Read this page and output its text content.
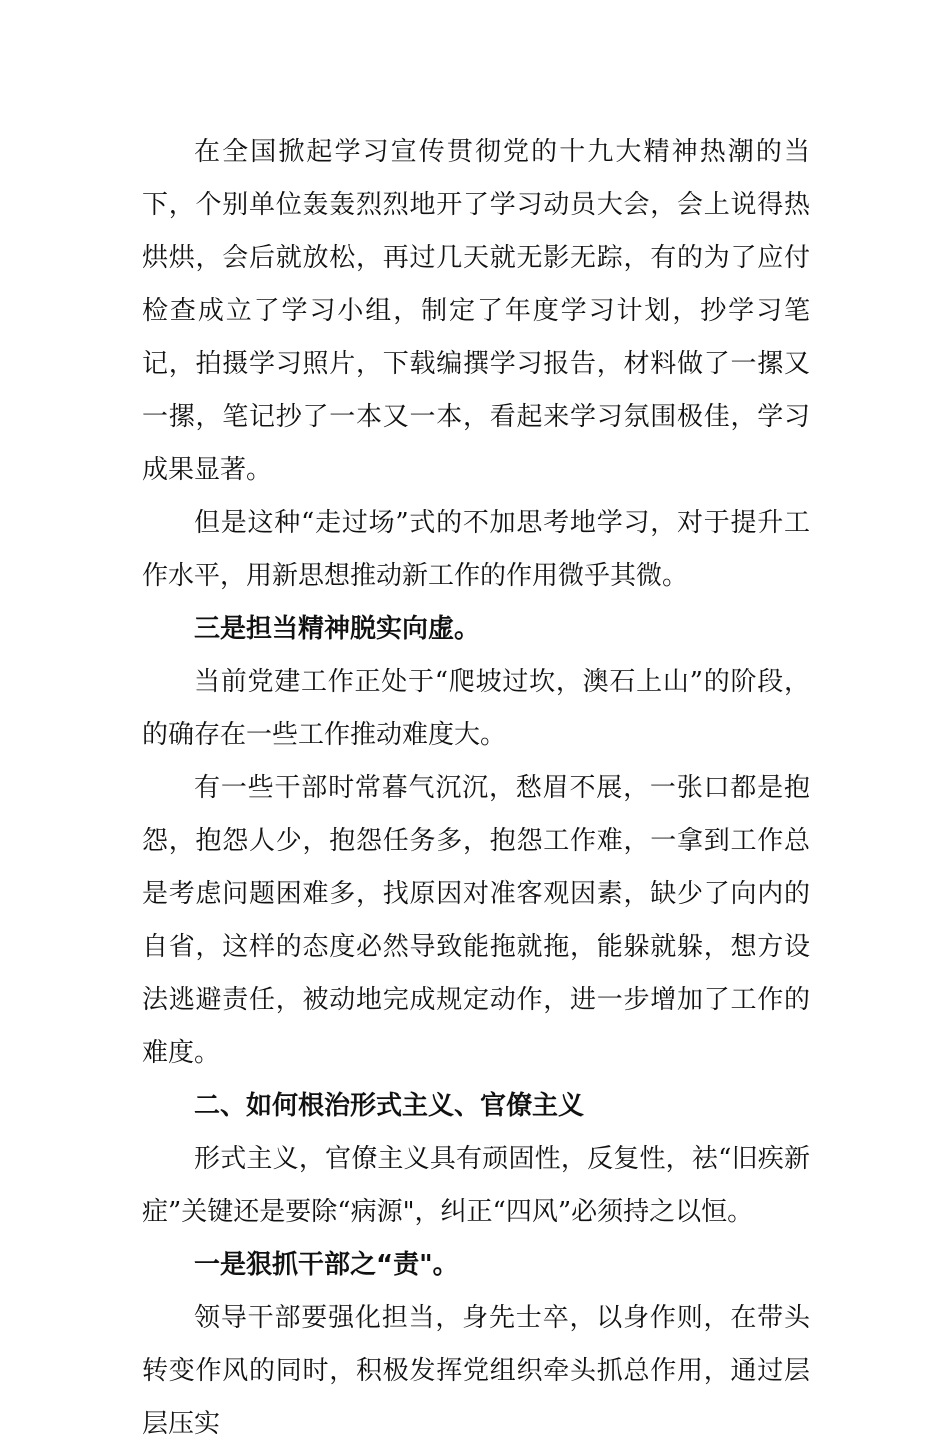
在全国掀起学习宣传贯彻党的十九大精神热潮的当下，个别单位轰轰烈烈地开了学习动员大会，会上说得热烘烘，会后就放松，再过几天就无影无踪，有的为了应付检查成立了学习小组，制定了年度学习计划，抄学习笔记，拍摄学习照片，下载编撰学习报告，材料做了一摞又一摞，笔记抄了一本又一本，看起来学习氛围极佳，学习成果显著。

但是这种“走过场”式的不加思考地学习，对于提升工作水平，用新思想推动新工作的作用微乎其微。

三是担当精神脱实向虚。

当前党建工作正处于“爬坡过坎，澳石上山”的阶段，的确存在一些工作推动难度大。

有一些干部时常暮气沉沉，愁眉不展，一张口都是抱怨，抱怨人少，抱怨任务多，抱怨工作难，一拿到工作总是考虑问题困难多，找原因对准客观因素，缺少了向内的自省，这样的态度必然导致能拖就拖，能躲就躲，想方设法逃避责任，被动地完成规定动作，进一步增加了工作的难度。

二、如何根治形式主义、官僚主义

形式主义，官僚主义具有顽固性，反复性，祛“旧疾新症”关键还是要除“病源"，纠正“四风”必须持之以恒。

一是狠抓干部之“责"。

领导干部要强化担当，身先士卒，以身作则，在带头转变作风的同时，积极发挥党组织牵头抓总作用，通过层层压实
